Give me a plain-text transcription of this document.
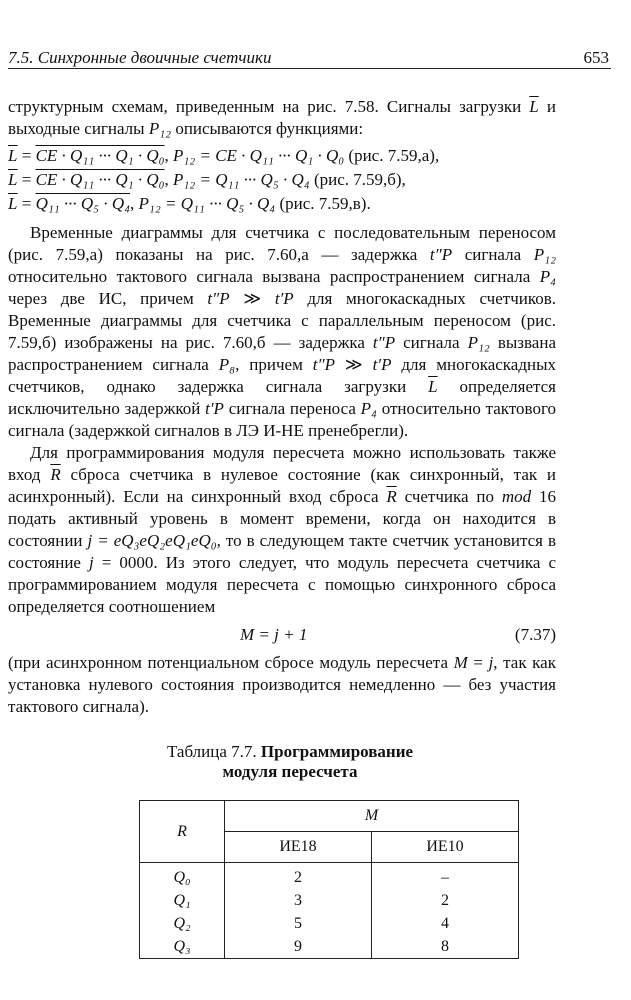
7.5. Синхронные двоичные счетчики	653

структурным схемам, приведенным на рис. 7.58. Сигналы загрузки $\overline{L}$ и выходные сигналы P₁₂ описываются функциями:

$\overline{L}$ = CE · Q₁₁ ··· Q₁ · Q₀, P₁₂ = CE · Q₁₁ ··· Q₁ · Q₀ (рис. 7.59,а),
$\overline{L}$ = CE · Q₁₁ ··· Q₁ · Q₀, P₁₂ = Q₁₁ ··· Q₅ · Q₄ (рис. 7.59,б),
$\overline{L} = Q_{11}$ ··· Q₅ · Q₄, P₁₂ = Q₁₁ ··· Q₅ · Q₄ (рис. 7.59,в).

Временные диаграммы для счетчика с последовательным переносом (рис. 7.59,а) показаны на рис. 7.60,а — задержка t″P сигнала P₁₂ относительно тактового сигнала вызвана распространением сигнала P₄ через две ИС, причем t″P ≫ t′P для многокаскадных счетчиков. Временные диаграммы для счетчика с параллельным переносом (рис. 7.59,б) изображены на рис. 7.60,б — задержка t″P сигнала P₁₂ вызвана распространением сигнала P₈, причем t″P ≫ t′P для многокаскадных счетчиков, однако задержка сигнала загрузки $\overline{L}$ определяется исключительно задержкой t′P сигнала переноса P₄ относительно тактового сигнала (задержкой сигналов в ЛЭ И-НЕ пренебрегли).

Для программирования модуля пересчета можно использовать также вход $\overline{R}$ сброса счетчика в нулевое состояние (как синхронный, так и асинхронный). Если на синхронный вход сброса $\overline{R}$ счетчика по mod 16 подать активный уровень в момент времени, когда он находится в состоянии j = eQ₃eQ₂eQ₁eQ₀, то в следующем такте счетчик установится в состояние j = 0000. Из этого следует, что модуль пересчета счетчика с программированием модуля пересчета с помощью синхронного сброса определяется соотношением

M = j + 1	(7.37)

(при асинхронном потенциальном сбросе модуль пересчета M = j, так как установка нулевого состояния производится немедленно — без участия тактового сигнала).

Таблица 7.7. Программирование модуля пересчета
R	M	
	ИЕ18	ИЕ10
Q₀	2	–
Q₁	3	2
Q₂	5	4
Q₃	9	8
